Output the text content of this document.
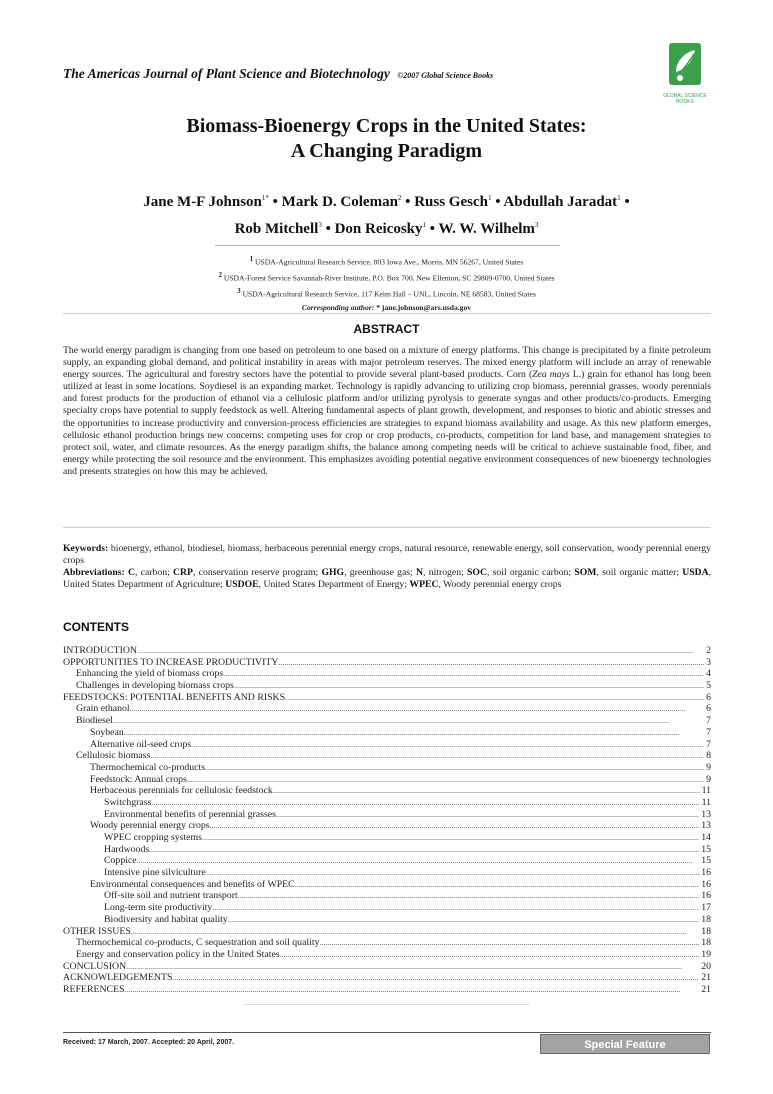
The Americas Journal of Plant Science and Biotechnology ©2007 Global Science Books
GLOBAL SCIENCE BOOKS
Biomass-Bioenergy Crops in the United States:
A Changing Paradigm
Jane M-F Johnson$^{1*}$ • Mark D. Coleman$^2$ • Russ Gesch$^1$ • Abdullah Jaradat$^1$ •
Rob Mitchell$^3$ • Don Reicosky$^1$ • W. W. Wilhelm$^3$
1 USDA-Agricultural Research Service, 803 Iowa Ave., Morris, MN 56267, United States
2 USDA-Forest Service Savannah-River Institute, P.O. Box 700, New Ellenton, SC 29809-0700, United States
3 USDA-Agricultural Research Service, 117 Keim Hall – UNL, Lincoln, NE 68583, United States
Corresponding author: * jane.johnson@ars.usda.gov
ABSTRACT
The world energy paradigm is changing from one based on petroleum to one based on a mixture of energy platforms. This change is precipitated by a finite petroleum supply, an expanding global demand, and political instability in areas with major petroleum reserves. The mixed energy platform will include an array of renewable energy sources. The agricultural and forestry sectors have the potential to provide several plant-based products. Corn (Zea mays L.) grain for ethanol has long been utilized at least in some locations. Soydiesel is an expanding market. Technology is rapidly advancing to utilizing crop biomass, perennial grasses, woody perennials and forest products for the production of ethanol via a cellulosic platform and/or utilizing pyrolysis to generate syngas and other products/co-products. Emerging specialty crops have potential to supply feedstock as well. Altering fundamental aspects of plant growth, development, and responses to biotic and abiotic stresses and the opportunities to increase productivity and conversion-process efficiencies are strategies to expand biomass availability and usage. As this new platform emerges, cellulosic ethanol production brings new concerns: competing uses for crop or crop products, co-products, competition for land base, and management strategies to protect soil, water, and climate resources. As the energy paradigm shifts, the balance among competing needs will be critical to achieve sustainable food, fiber, and energy while protecting the soil resource and the environment. This emphasizes avoiding potential negative environment consequences of new bioenergy technologies and presents strategies on how this may be achieved.
Keywords: bioenergy, ethanol, biodiesel, biomass, herbaceous perennial energy crops, natural resource, renewable energy, soil conservation, woody perennial energy crops
Abbreviations: C, carbon; CRP, conservation reserve program; GHG, greenhouse gas; N, nitrogen; SOC, soil organic carbon; SOM, soil organic matter; USDA, United States Department of Agriculture; USDOE, United States Department of Energy; WPEC, Woody perennial energy crops
CONTENTS
INTRODUCTION .....	2
OPPORTUNITIES TO INCREASE PRODUCTIVITY .....	3
Enhancing the yield of biomass crops .....	4
Challenges in developing biomass crops .....	5
FEEDSTOCKS: POTENTIAL BENEFITS AND RISKS .....	6
Grain ethanol .....	6
Biodiesel .....	7
Soybean .....	7
Alternative oil-seed crops .....	7
Cellulosic biomass .....	8
Thermochemical co-products .....	9
Feedstock: Annual crops .....	9
Herbaceous perennials for cellulosic feedstock .....	11
Switchgrass .....	11
Environmental benefits of perennial grasses .....	13
Woody perennial energy crops .....	13
WPEC cropping systems .....	14
Hardwoods .....	15
Coppice .....	15
Intensive pine silviculture .....	16
Environmental consequences and benefits of WPEC .....	16
Off-site soil and nutrient transport .....	16
Long-term site productivity .....	17
Biodiversity and habitat quality .....	18
OTHER ISSUES .....	18
Thermochemical co-products, C sequestration and soil quality .....	18
Energy and conservation policy in the United States .....	19
CONCLUSION .....	20
ACKNOWLEDGEMENTS .....	21
REFERENCES .....	21
Received: 17 March, 2007. Accepted: 20 April, 2007.	Special Feature
